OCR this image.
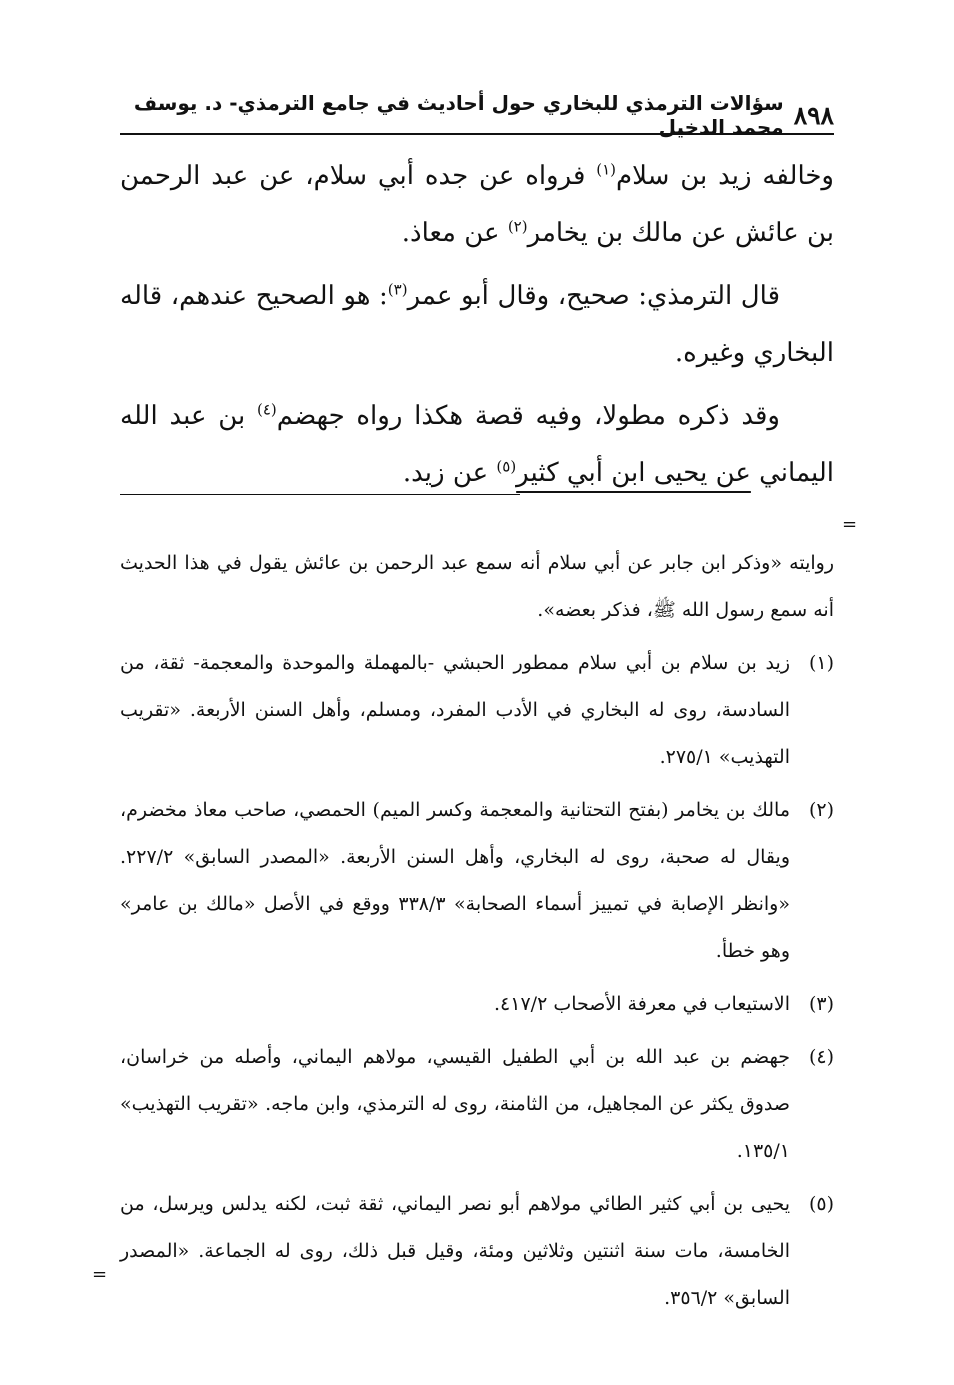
٨٩٨
سؤالات الترمذي للبخاري حول أحاديث في جامع الترمذي- د. يوسف محمد الدخيل

وخالفه زيد بن سلام$^{(١)}$ فرواه عن جده أبي سلام، عن عبد الرحمن بن عائش عن مالك بن يخامر$^{(٢)}$ عن معاذ.

قال الترمذي: صحيح، وقال أبو عمر$^{(٣)}$: هو الصحيح عندهم، قاله البخاري وغيره.

وقد ذكره مطولا، وفيه قصة هكذا رواه جهضم$^{(٤)}$ بن عبد الله اليماني عن يحيى ابن أبي كثير$^{(٥)}$ عن زيد.

=

روايته «وذكر ابن جابر عن أبي سلام أنه سمع عبد الرحمن بن عائش يقول في هذا الحديث أنه سمع رسول الله ﷺ، فذكر بعضه».

(١)زيد بن سلام بن أبي سلام ممطور الحبشي -بالمهملة والموحدة والمعجمة- ثقة، من السادسة، روى له البخاري في الأدب المفرد، ومسلم، وأهل السنن الأربعة. «تقريب التهذيب» ٢٧٥/١.

(٢)مالك بن يخامر (بفتح التحتانية والمعجمة وكسر الميم) الحمصي، صاحب معاذ مخضرم، ويقال له صحبة، روى له البخاري، وأهل السنن الأربعة. «المصدر السابق» ٢٢٧/٢. «وانظر الإصابة في تمييز أسماء الصحابة» ٣٣٨/٣ ووقع في الأصل «مالك بن عامر» وهو خطأ.

(٣)الاستيعاب في معرفة الأصحاب ٤١٧/٢.

(٤)جهضم بن عبد الله بن أبي الطفيل القيسي، مولاهم اليماني، وأصله من خراسان، صدوق يكثر عن المجاهيل، من الثامنة، روى له الترمذي، وابن ماجه. «تقريب التهذيب» ١٣٥/١.

(٥)يحيى بن أبي كثير الطائي مولاهم أبو نصر اليماني، ثقة ثبت، لكنه يدلس ويرسل، من الخامسة، مات سنة اثنتين وثلاثين ومئة، وقيل قبل ذلك، روى له الجماعة. «المصدر السابق» ٣٥٦/٢.

=
